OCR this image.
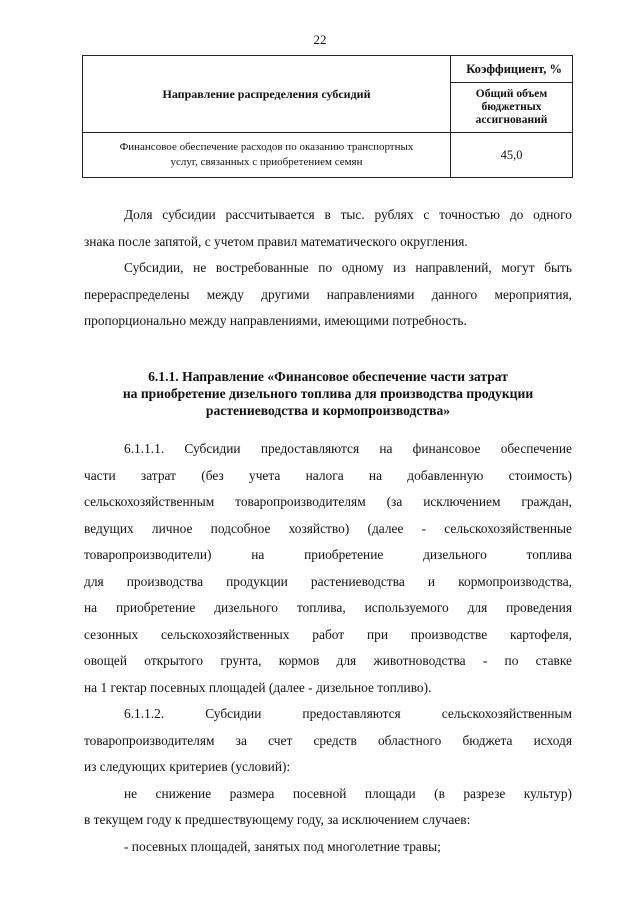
22
Направление распределения субсидий	Коэффициент, %

	Общий объем
бюджетных
ассигнований

Финансовое обеспечение расходов по оказанию транспортных
услуг, связанных с приобретением семян	45,0

Доля субсидии рассчитывается в тыс. рублях с точностью до одного

знака после запятой, с учетом правил математического округления.

Субсидии, не востребованные по одному из направлений, могут быть

перераспределены между другими направлениями данного мероприятия,

пропорционально между направлениями, имеющими потребность.

6.1.1. Направление «Финансовое обеспечение части затрат
на приобретение дизельного топлива для производства продукции
растениеводства и кормопроизводства»

6.1.1.1. Субсидии предоставляются на финансовое обеспечение

части затрат (без учета налога на добавленную стоимость)

сельскохозяйственным товаропроизводителям (за исключением граждан,

ведущих личное подсобное хозяйство) (далее - сельскохозяйственные

товаропроизводители) на приобретение дизельного топлива

для производства продукции растениеводства и кормопроизводства,

на приобретение дизельного топлива, используемого для проведения

сезонных сельскохозяйственных работ при производстве картофеля,

овощей открытого грунта, кормов для животноводства - по ставке

на 1 гектар посевных площадей (далее - дизельное топливо).

6.1.1.2. Субсидии предоставляются сельскохозяйственным

товаропроизводителям за счет средств областного бюджета исходя

из следующих критериев (условий):

не снижение размера посевной площади (в разрезе культур)

в текущем году к предшествующему году, за исключением случаев:

- посевных площадей, занятых под многолетние травы;
